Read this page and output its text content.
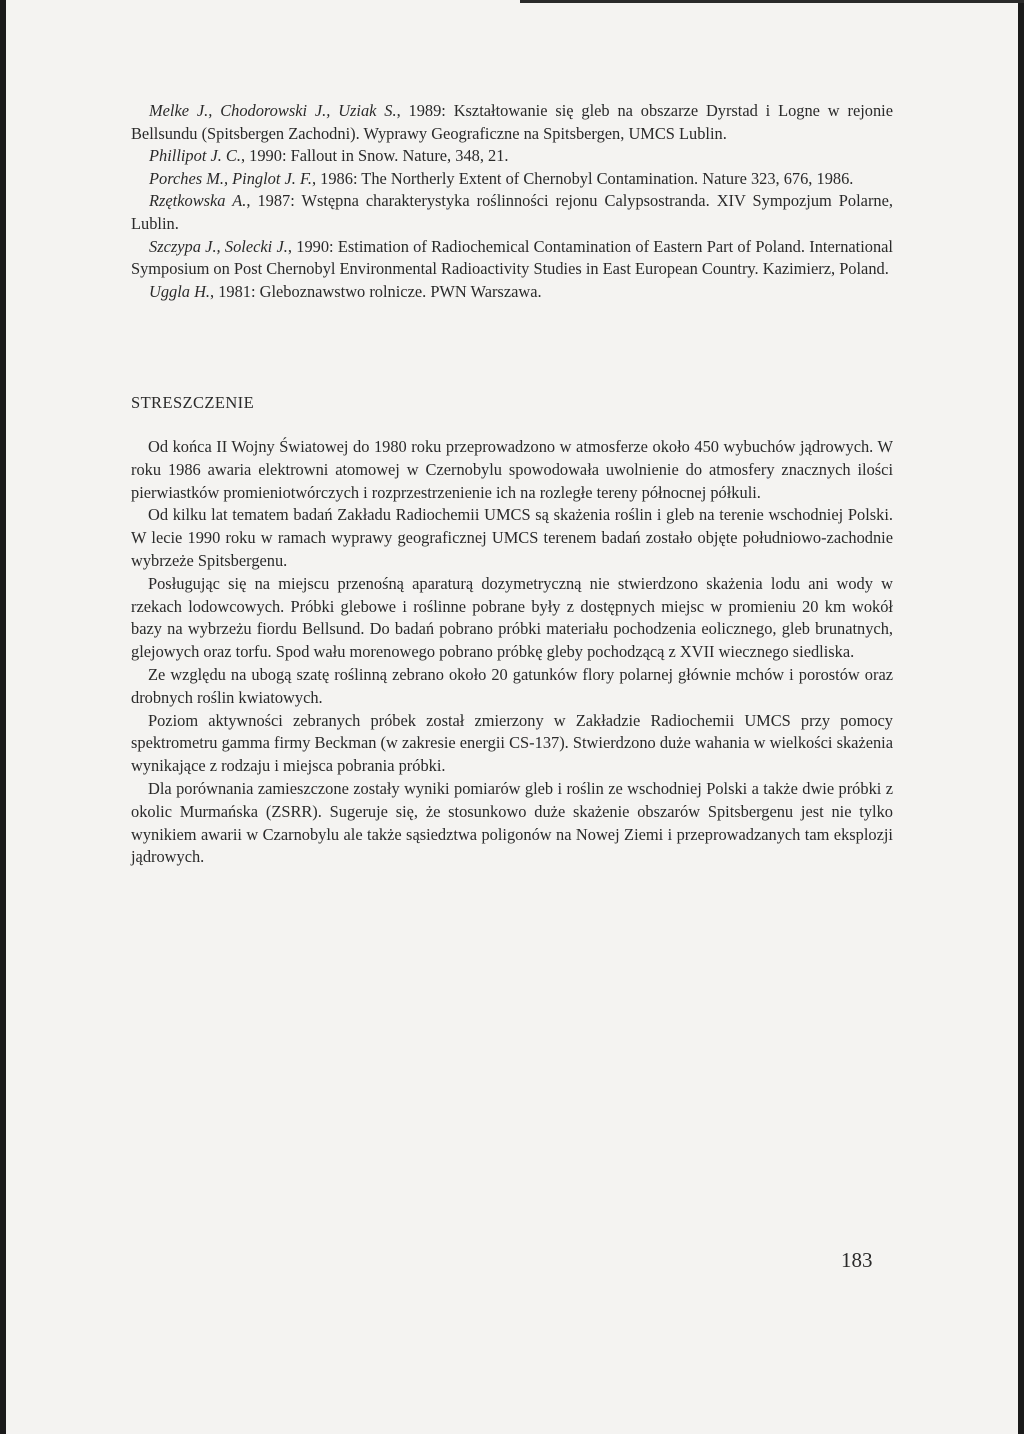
Melke J., Chodorowski J., Uziak S., 1989: Kształtowanie się gleb na obszarze Dyrstad i Logne w rejonie Bellsundu (Spitsbergen Zachodni). Wyprawy Geograficzne na Spitsbergen, UMCS Lublin.

Phillipot J. C., 1990: Fallout in Snow. Nature, 348, 21.

Porches M., Pinglot J. F., 1986: The Northerly Extent of Chernobyl Contamination. Nature 323, 676, 1986.

Rzętkowska A., 1987: Wstępna charakterystyka roślinności rejonu Calypsostranda. XIV Sympozjum Polarne, Lublin.

Szczypa J., Solecki J., 1990: Estimation of Radiochemical Contamination of Eastern Part of Poland. International Symposium on Post Chernobyl Environmental Radioactivity Studies in East European Country. Kazimierz, Poland.

Uggla H., 1981: Gleboznawstwo rolnicze. PWN Warszawa.

STRESZCZENIE

Od końca II Wojny Światowej do 1980 roku przeprowadzono w atmosferze około 450 wybuchów jądrowych. W roku 1986 awaria elektrowni atomowej w Czernobylu spowodowała uwolnienie do atmosfery znacznych ilości pierwiastków promieniotwórczych i rozprzestrzenienie ich na rozległe tereny północnej półkuli.

Od kilku lat tematem badań Zakładu Radiochemii UMCS są skażenia roślin i gleb na terenie wschodniej Polski. W lecie 1990 roku w ramach wyprawy geograficznej UMCS terenem badań zostało objęte południowo-zachodnie wybrzeże Spitsbergenu.

Posługując się na miejscu przenośną aparaturą dozymetryczną nie stwierdzono skażenia lodu ani wody w rzekach lodowcowych. Próbki glebowe i roślinne pobrane były z dostępnych miejsc w promieniu 20 km wokół bazy na wybrzeżu fiordu Bellsund. Do badań pobrano próbki materiału pochodzenia eolicznego, gleb brunatnych, glejowych oraz torfu. Spod wału morenowego pobrano próbkę gleby pochodzącą z XVII wiecznego siedliska.

Ze względu na ubogą szatę roślinną zebrano około 20 gatunków flory polarnej głównie mchów i porostów oraz drobnych roślin kwiatowych.

Poziom aktywności zebranych próbek został zmierzony w Zakładzie Radiochemii UMCS przy pomocy spektrometru gamma firmy Beckman (w zakresie energii CS-137). Stwierdzono duże wahania w wielkości skażenia wynikające z rodzaju i miejsca pobrania próbki.

Dla porównania zamieszczone zostały wyniki pomiarów gleb i roślin ze wschodniej Polski a także dwie próbki z okolic Murmańska (ZSRR). Sugeruje się, że stosunkowo duże skażenie obszarów Spitsbergenu jest nie tylko wynikiem awarii w Czarnobylu ale także sąsiedztwa poligonów na Nowej Ziemi i przeprowadzanych tam eksplozji jądrowych.

183
